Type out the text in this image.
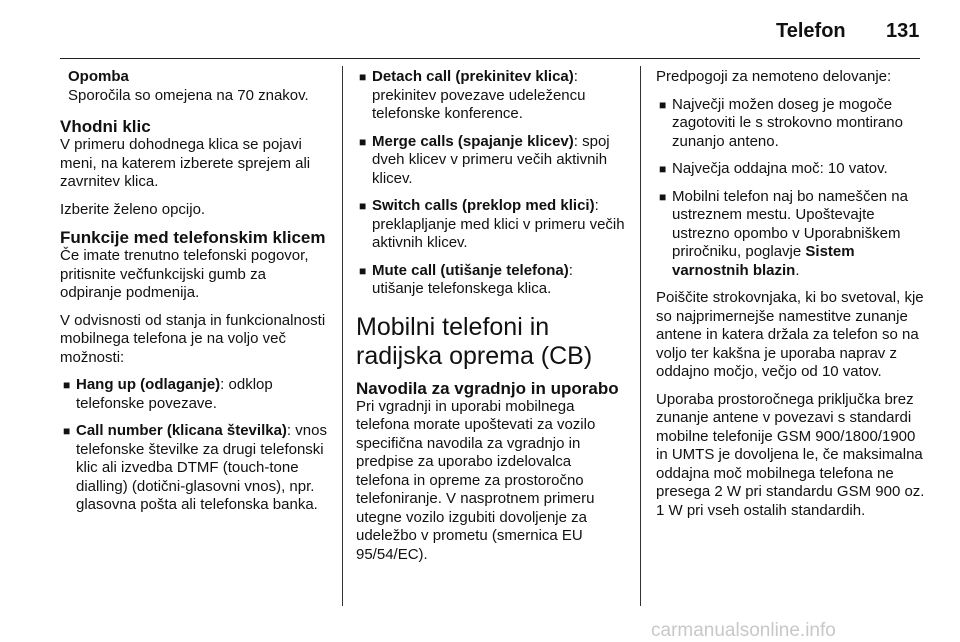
Telefon 131

Opomba

Sporočila so omejena na 70 znakov.

Vhodni klic

V primeru dohodnega klica se pojavi meni, na katerem izberete sprejem ali zavrnitev klica.

Izberite želeno opcijo.

Funkcije med telefonskim klicem

Če imate trenutno telefonski pogovor, pritisnite večfunkcijski gumb za odpiranje podmenija.

V odvisnosti od stanja in funkcionalnosti mobilnega telefona je na voljo več možnosti:

■ Hang up (odlaganje): odklop telefonske povezave.
■ Call number (klicana številka): vnos telefonske številke za drugi telefonski klic ali izvedba DTMF (touch-tone dialling) (dotični-glasovni vnos), npr. glasovna pošta ali telefonska banka.
■ Detach call (prekinitev klica): prekinitev povezave udeležencu telefonske konference.
■ Merge calls (spajanje klicev): spoj dveh klicev v primeru večih aktivnih klicev.
■ Switch calls (preklop med klici): preklapljanje med klici v primeru večih aktivnih klicev.
■ Mute call (utišanje telefona): utišanje telefonskega klica.
Mobilni telefoni in radijska oprema (CB)
Navodila za vgradnjo in uporabo

Pri vgradnji in uporabi mobilnega telefona morate upoštevati za vozilo specifična navodila za vgradnjo in predpise za uporabo izdelovalca telefona in opreme za prostoročno telefoniranje. V nasprotnem primeru utegne vozilo izgubiti dovoljenje za udeležbo v prometu (smernica EU 95/54/EC).

Predpogoji za nemoteno delovanje:

■ Največji možen doseg je mogoče zagotoviti le s strokovno montirano zunanjo anteno.
■ Največja oddajna moč: 10 vatov.
■ Mobilni telefon naj bo nameščen na ustreznem mestu. Upoštevajte ustrezno opombo v Uporabniškem priročniku, poglavje Sistem varnostnih blazin.

Poiščite strokovnjaka, ki bo svetoval, kje so najprimernejše namestitve zunanje antene in katera držala za telefon so na voljo ter kakšna je uporaba naprav z oddajno močjo, večjo od 10 vatov.

Uporaba prostoročnega priključka brez zunanje antene v povezavi s standardi mobilne telefonije GSM 900/1800/1900 in UMTS je dovoljena le, če maksimalna oddajna moč mobilnega telefona ne presega 2 W pri standardu GSM 900 oz. 1 W pri vseh ostalih standardih.

carmanualsonline.info
